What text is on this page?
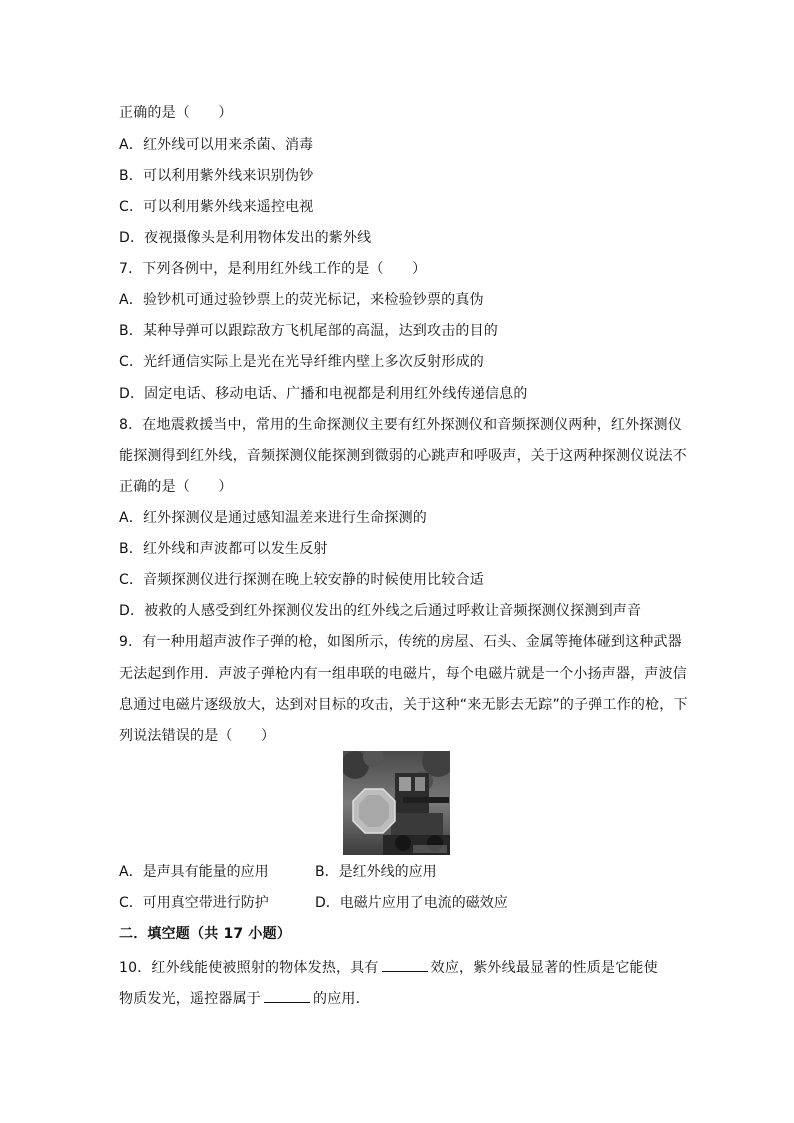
正确的是（　　）
A．红外线可以用来杀菌、消毒
B．可以利用紫外线来识别伪钞
C．可以利用紫外线来遥控电视
D．夜视摄像头是利用物体发出的紫外线
7．下列各例中，是利用红外线工作的是（　　）
A．验钞机可通过验钞票上的荧光标记，来检验钞票的真伪
B．某种导弹可以跟踪敌方飞机尾部的高温，达到攻击的目的
C．光纤通信实际上是光在光导纤维内壁上多次反射形成的
D．固定电话、移动电话、广播和电视都是利用红外线传递信息的
8．在地震救援当中，常用的生命探测仪主要有红外探测仪和音频探测仪两种，红外探测仪
能探测得到红外线，音频探测仪能探测到微弱的心跳声和呼吸声，关于这两种探测仪说法不
正确的是（　　）
A．红外探测仪是通过感知温差来进行生命探测的
B．红外线和声波都可以发生反射
C．音频探测仪进行探测在晚上较安静的时候使用比较合适
D．被救的人感受到红外探测仪发出的红外线之后通过呼救让音频探测仪探测到声音
9．有一种用超声波作子弹的枪，如图所示，传统的房屋、石头、金属等掩体碰到这种武器
无法起到作用．声波子弹枪内有一组串联的电磁片，每个电磁片就是一个小扬声器，声波信
息通过电磁片逐级放大，达到对目标的攻击，关于这种“来无影去无踪”的子弹工作的枪，下
列说法错误的是（　　）
A．是声具有能量的应用	B．是红外线的应用
C．可用真空带进行防护	D．电磁片应用了电流的磁效应
二．填空题（共 17 小题）
10．红外线能使被照射的物体发热，具有	效应，紫外线最显著的性质是它能使
物质发光，遥控器属于	的应用．
